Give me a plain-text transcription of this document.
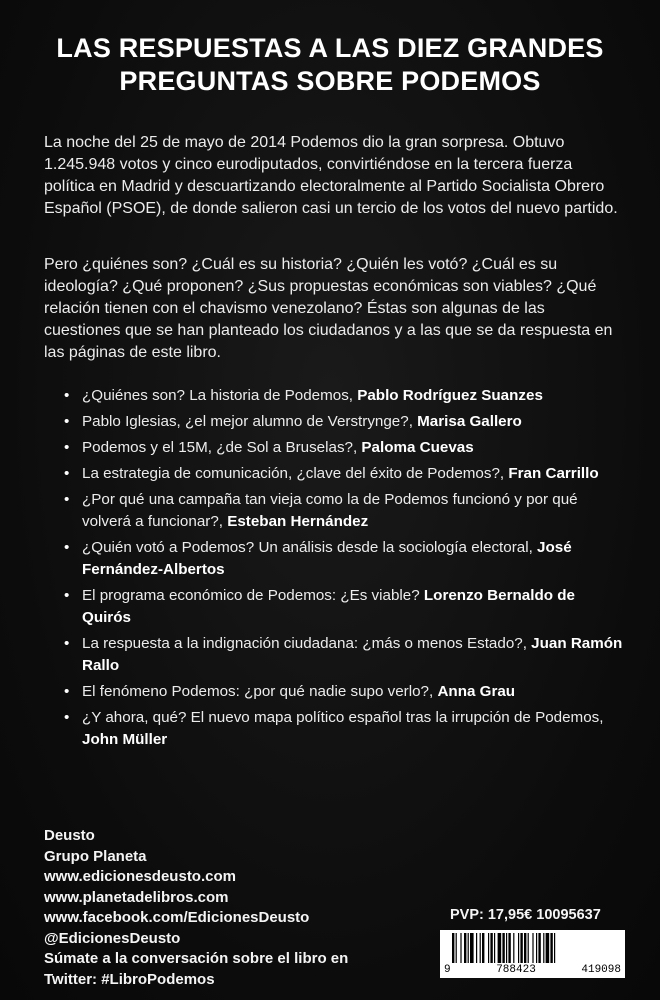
LAS RESPUESTAS A LAS DIEZ GRANDES
PREGUNTAS SOBRE PODEMOS
La noche del 25 de mayo de 2014 Podemos dio la gran sorpresa. Obtuvo 1.245.948 votos y cinco eurodiputados, convirtiéndose en la tercera fuerza política en Madrid y descuartizando electoralmente al Partido Socialista Obrero Español (PSOE), de donde salieron casi un tercio de los votos del nuevo partido.
Pero ¿quiénes son? ¿Cuál es su historia? ¿Quién les votó? ¿Cuál es su ideología? ¿Qué proponen? ¿Sus propuestas económicas son viables? ¿Qué relación tienen con el chavismo venezolano? Éstas son algunas de las cuestiones que se han planteado los ciudadanos y a las que se da respuesta en las páginas de este libro.
• ¿Quiénes son? La historia de Podemos, Pablo Rodríguez Suanzes
• Pablo Iglesias, ¿el mejor alumno de Verstrynge?, Marisa Gallero
• Podemos y el 15M, ¿de Sol a Bruselas?, Paloma Cuevas
• La estrategia de comunicación, ¿clave del éxito de Podemos?, Fran Carrillo
• ¿Por qué una campaña tan vieja como la de Podemos funcionó y por qué volverá a funcionar?, Esteban Hernández
• ¿Quién votó a Podemos? Un análisis desde la sociología electoral, José Fernández-Albertos
• El programa económico de Podemos: ¿Es viable? Lorenzo Bernaldo de Quirós
• La respuesta a la indignación ciudadana: ¿más o menos Estado?, Juan Ramón Rallo
• El fenómeno Podemos: ¿por qué nadie supo verlo?, Anna Grau
• ¿Y ahora, qué? El nuevo mapa político español tras la irrupción de Podemos, John Müller
Deusto
Grupo Planeta
www.edicionesdeusto.com
www.planetadelibros.com
www.facebook.com/EdicionesDeusto
@EdicionesDeusto
Súmate a la conversación sobre el libro en
Twitter: #LibroPodemos
PVP: 17,95€ 10095637
9	788423	419098
